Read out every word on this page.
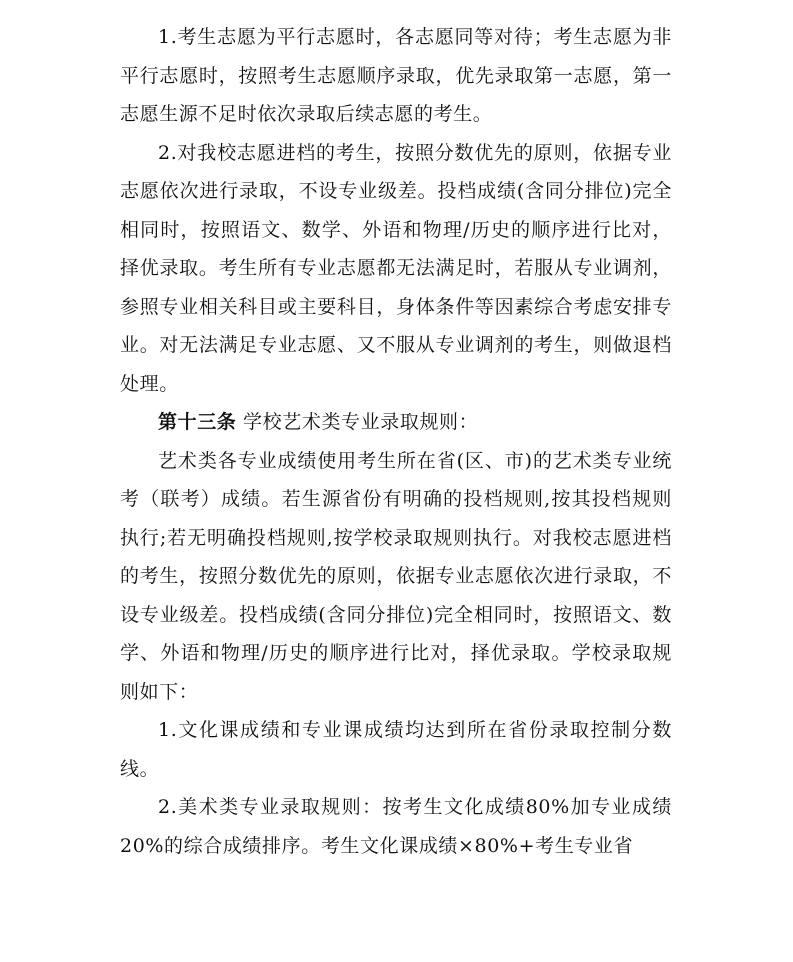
1.考生志愿为平行志愿时，各志愿同等对待；考生志愿为非平行志愿时，按照考生志愿顺序录取，优先录取第一志愿，第一志愿生源不足时依次录取后续志愿的考生。

2.对我校志愿进档的考生，按照分数优先的原则，依据专业志愿依次进行录取，不设专业级差。投档成绩(含同分排位)完全相同时，按照语文、数学、外语和物理/历史的顺序进行比对，择优录取。考生所有专业志愿都无法满足时，若服从专业调剂，参照专业相关科目或主要科目，身体条件等因素综合考虑安排专业。对无法满足专业志愿、又不服从专业调剂的考生，则做退档处理。

第十三条 学校艺术类专业录取规则：

艺术类各专业成绩使用考生所在省(区、市)的艺术类专业统考（联考）成绩。若生源省份有明确的投档规则,按其投档规则执行;若无明确投档规则,按学校录取规则执行。对我校志愿进档的考生，按照分数优先的原则，依据专业志愿依次进行录取，不设专业级差。投档成绩(含同分排位)完全相同时，按照语文、数学、外语和物理/历史的顺序进行比对，择优录取。学校录取规则如下：

1.文化课成绩和专业课成绩均达到所在省份录取控制分数线。

2.美术类专业录取规则：按考生文化成绩80%加专业成绩20%的综合成绩排序。考生文化课成绩×80%+考生专业省
